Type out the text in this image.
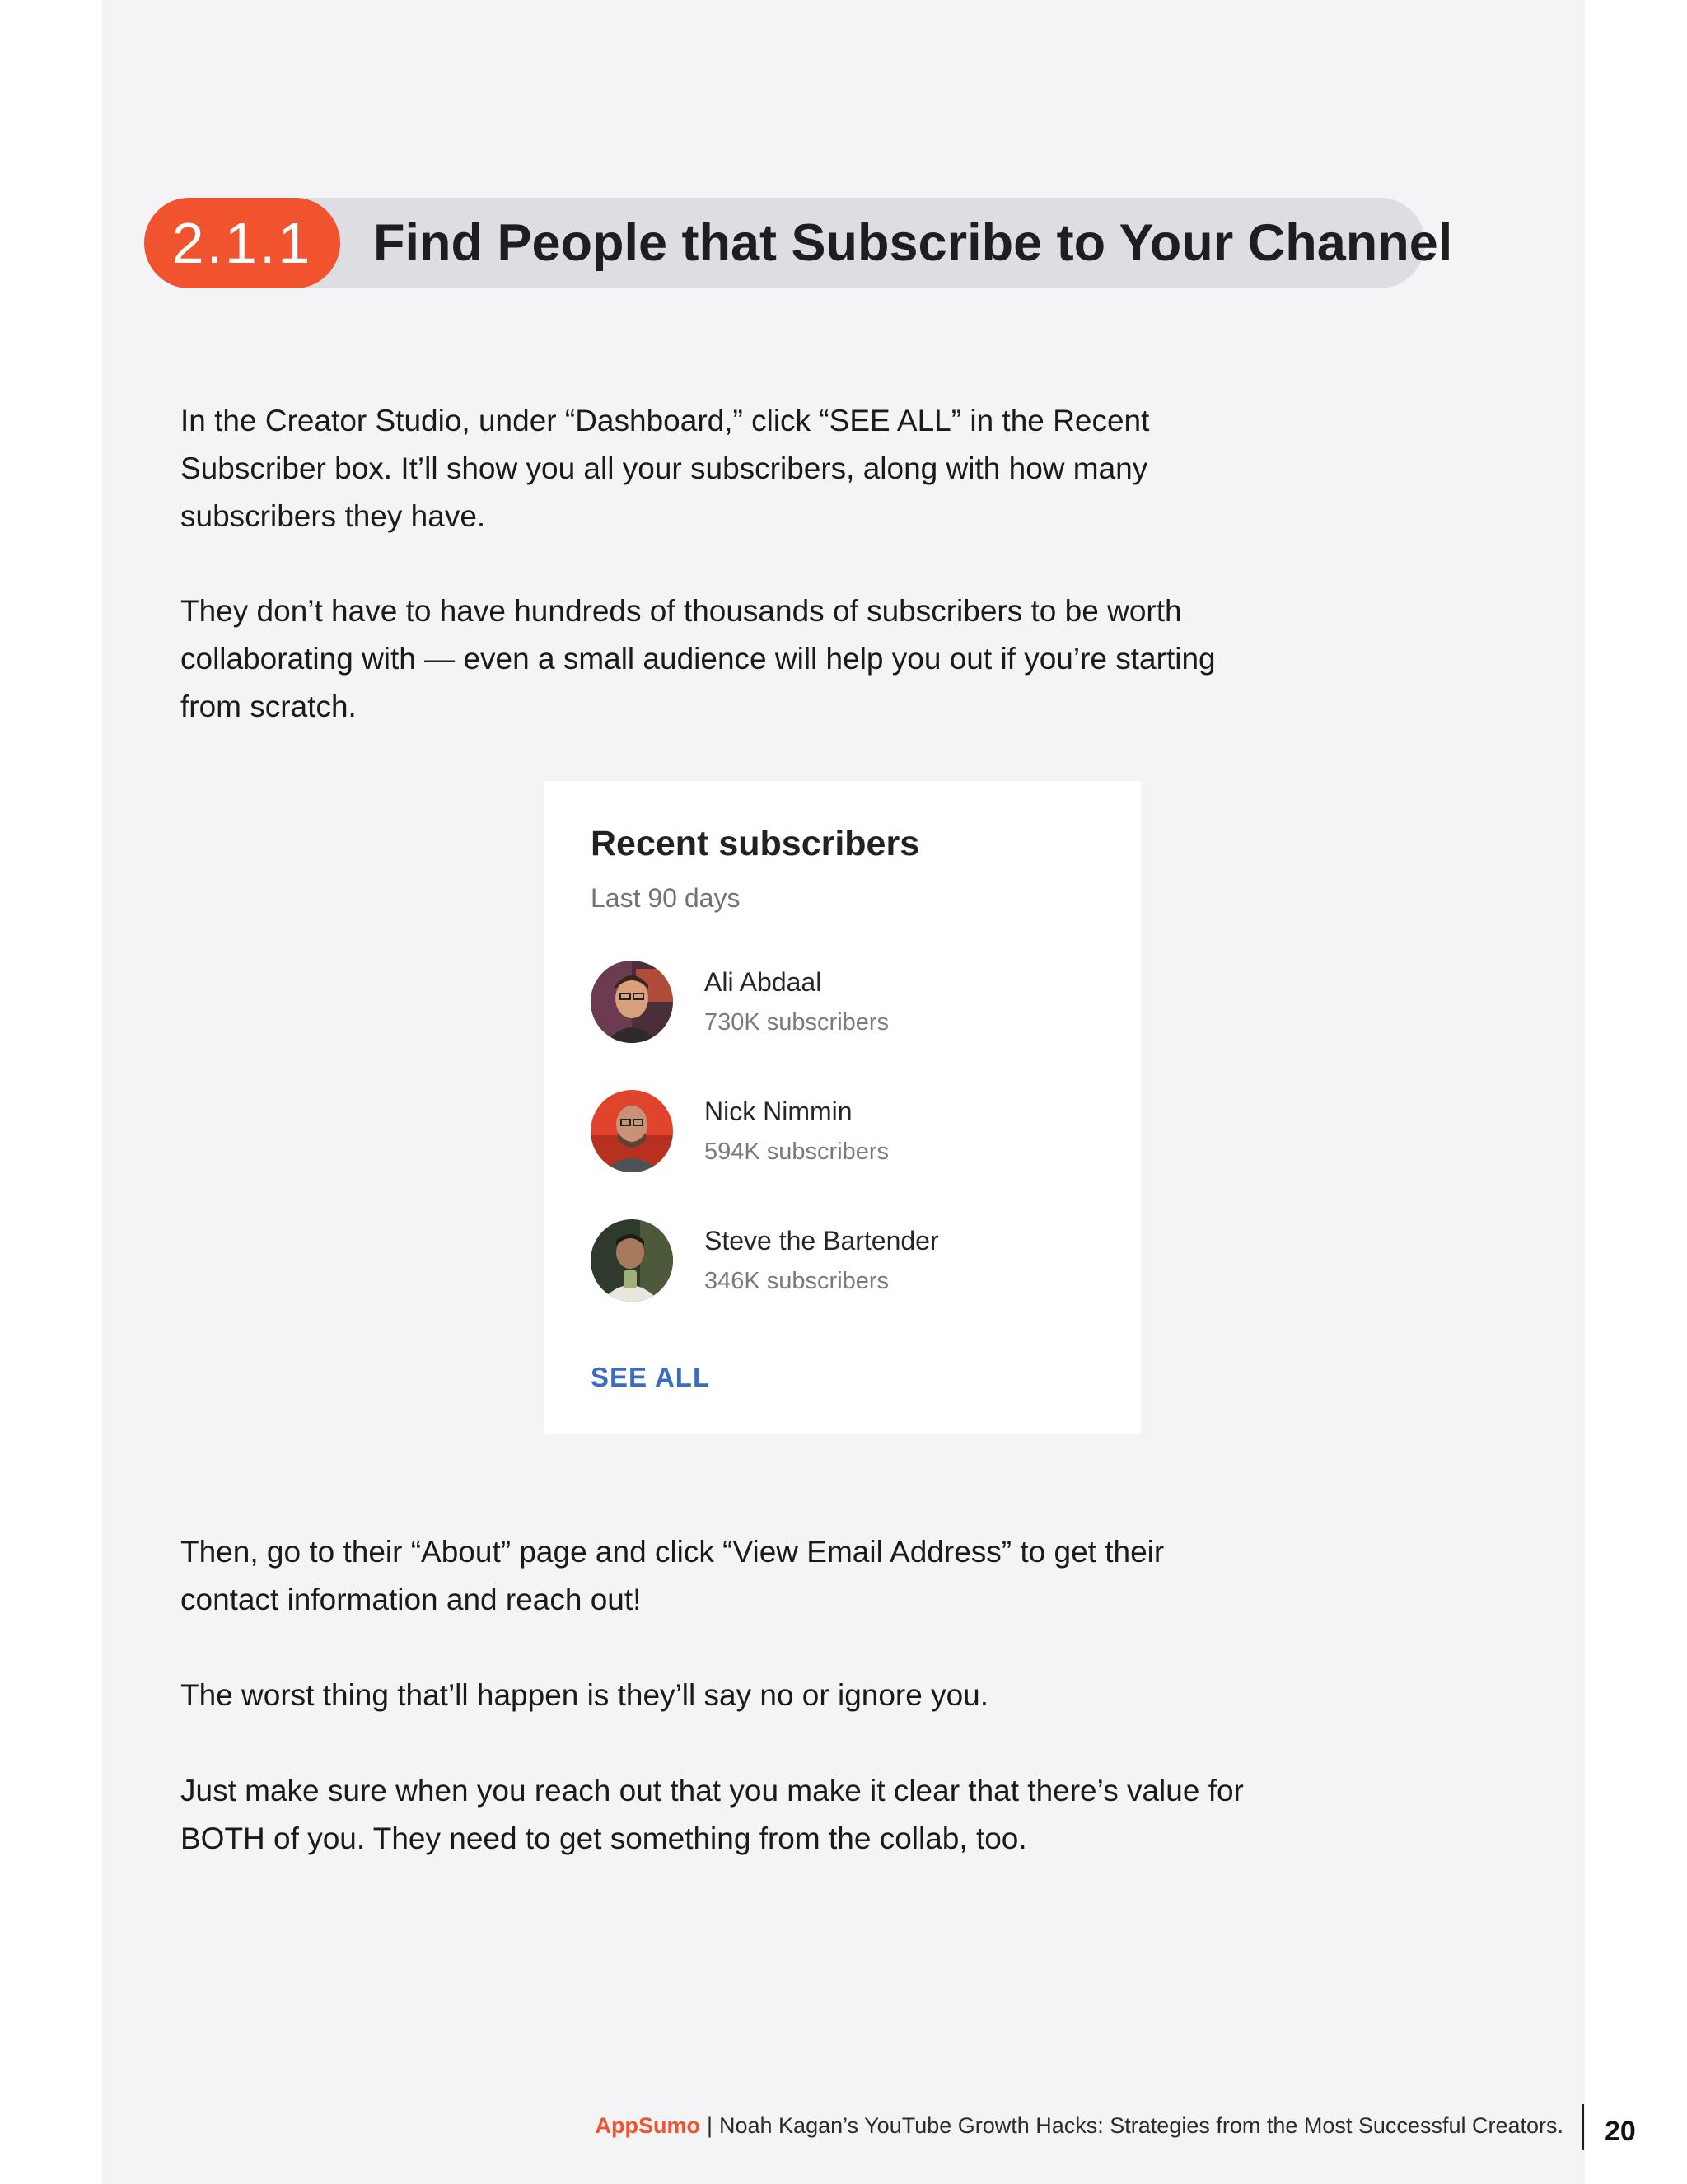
2.1.1	Find People that Subscribe to Your Channel

In the Creator Studio, under “Dashboard,” click “SEE ALL” in the Recent Subscriber box. It’ll show you all your subscribers, along with how many subscribers they have.

They don’t have to have hundreds of thousands of subscribers to be worth collaborating with — even a small audience will help you out if you’re starting from scratch.

Recent subscribers
Last 90 days
Ali Abdaal
730K subscribers
Nick Nimmin
594K subscribers
Steve the Bartender
346K subscribers
SEE ALL

Then, go to their “About” page and click “View Email Address” to get their contact information and reach out!

The worst thing that’ll happen is they’ll say no or ignore you.

Just make sure when you reach out that you make it clear that there’s value for BOTH of you. They need to get something from the collab, too.

AppSumo | Noah Kagan’s YouTube Growth Hacks: Strategies from the Most Successful Creators. 20
